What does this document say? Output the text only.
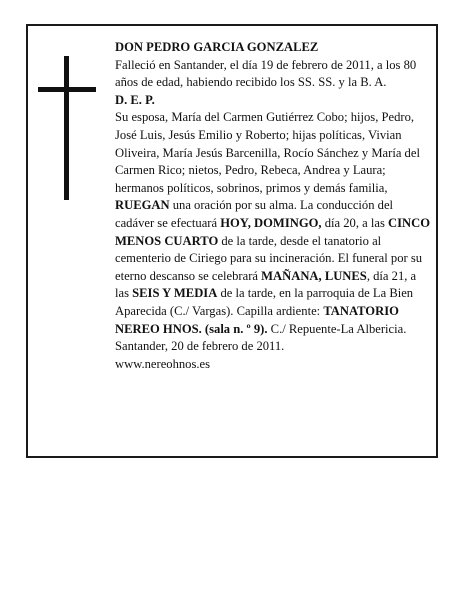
DON PEDRO GARCIA GONZALEZ

Falleció en Santander, el día 19 de febrero de 2011, a los 80 años de edad, habiendo recibido los SS. SS. y la B. A.

D. E. P.

Su esposa, María del Carmen Gutiérrez Cobo; hijos, Pedro, José Luis, Jesús Emilio y Roberto; hijas políticas, Vivian Oliveira, María Jesús Barcenilla, Rocío Sánchez y María del Carmen Rico; nietos, Pedro, Rebeca, Andrea y Laura; hermanos políticos, sobrinos, primos y demás familia,

RUEGAN una oración por su alma. La conducción del cadáver se efectuará HOY, DOMINGO, día 20, a las CINCO MENOS CUARTO de la tarde, desde el tanatorio al cementerio de Ciriego para su incineración. El funeral por su eterno descanso se celebrará MAÑANA, LUNES, día 21, a las SEIS Y MEDIA de la tarde, en la parroquia de La Bien Aparecida (C./ Vargas). Capilla ardiente: TANATORIO NEREO HNOS. (sala n. º 9). C./ Repuente-La Albericia.

Santander, 20 de febrero de 2011.

www.nereohnos.es
